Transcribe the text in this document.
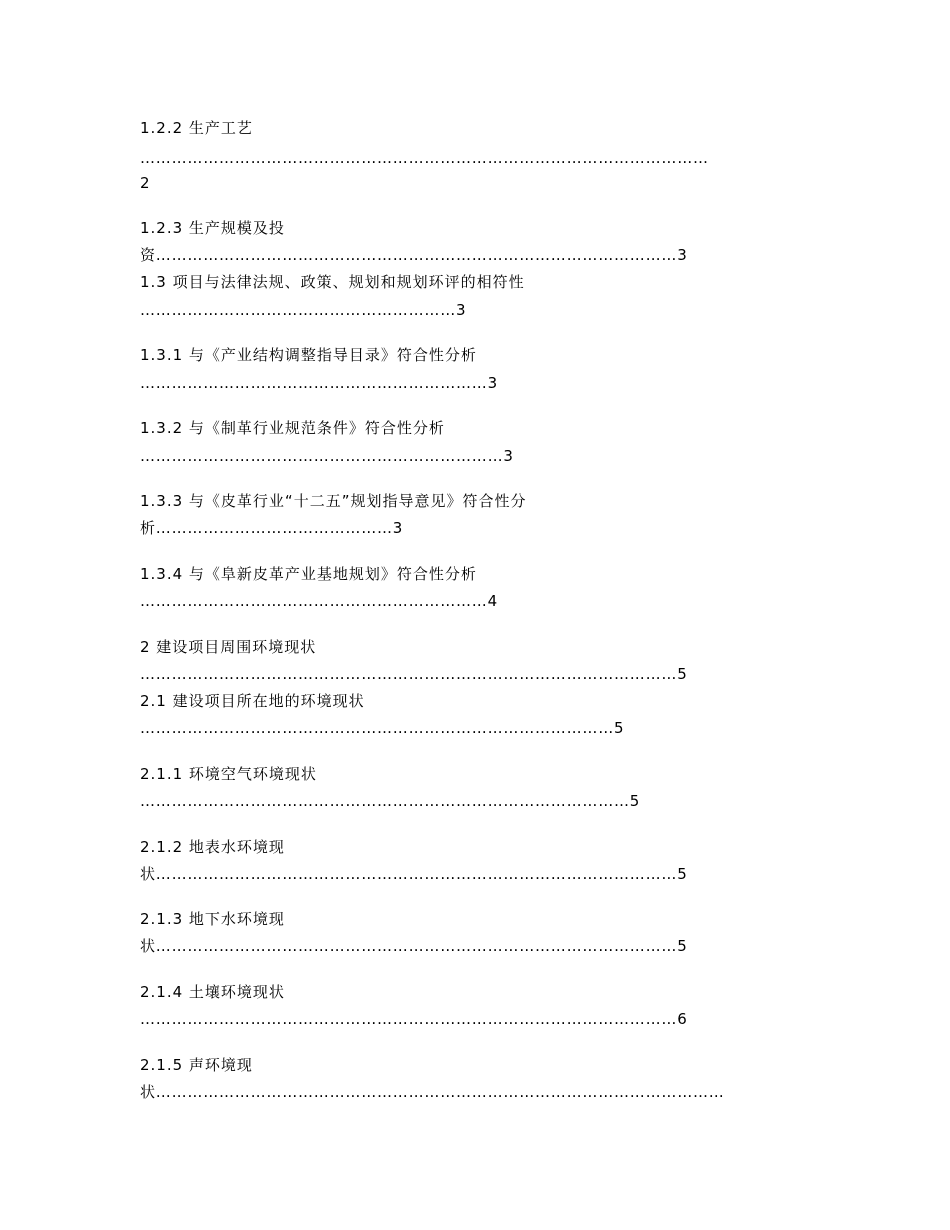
1.2.2 生产工艺

………………………………………………………………………………………………

2

1.2.3 生产规模及投

资………………………………………………………………………………………3

1.3 项目与法律法规、政策、规划和规划环评的相符性

……………………………………………………3

1.3.1 与《产业结构调整指导目录》符合性分析

…………………………………………………………3

1.3.2 与《制革行业规范条件》符合性分析

……………………………………………………………3

1.3.3 与《皮革行业“十二五”规划指导意见》符合性分

析………………………………………3

1.3.4 与《阜新皮革产业基地规划》符合性分析

…………………………………………………………4

2 建设项目周围环境现状

…………………………………………………………………………………………5

2.1 建设项目所在地的环境现状

………………………………………………………………………………5

2.1.1 环境空气环境现状

…………………………………………………………………………………5

2.1.2 地表水环境现

状………………………………………………………………………………………5

2.1.3 地下水环境现

状………………………………………………………………………………………5

2.1.4 土壤环境现状

…………………………………………………………………………………………6

2.1.5 声环境现

状………………………………………………………………………………………………
